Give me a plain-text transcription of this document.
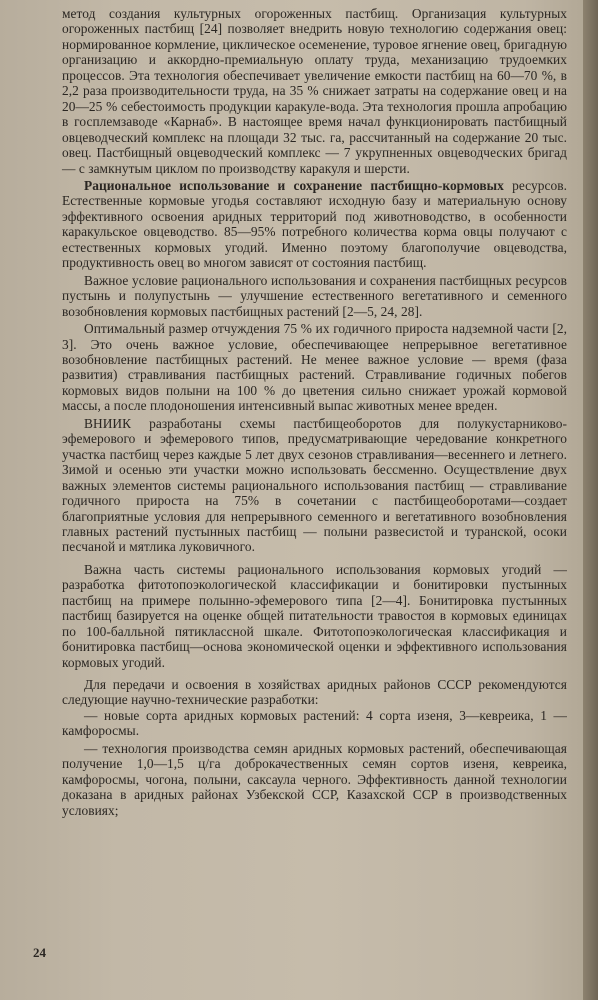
метод создания культурных огороженных пастбищ. Организация культурных огороженных пастбищ [24] позволяет внедрить новую технологию содержания овец: нормированное кормление, циклическое осеменение, туровое ягнение овец, бригадную организацию и аккордно-премиальную оплату труда, механизацию трудоемких процессов. Эта технология обеспечивает увеличение емкости пастбищ на 60—70 %, в 2,2 раза производительности труда, на 35 % снижает затраты на содержание овец и на 20—25 % себестоимость продукции каракуле-вода. Эта технология прошла апробацию в госплемзаводе «Карнаб». В настоящее время начал функционировать пастбищный овцеводческий комплекс на площади 32 тыс. га, рассчитанный на содержание 20 тыс. овец. Пастбищный овцеводческий комплекс — 7 укрупненных овцеводческих бригад — с замкнутым циклом по производству каракуля и шерсти.

Рациональное использование и сохранение пастбищно-кормовых ресурсов. Естественные кормовые угодья составляют исходную базу и материальную основу эффективного освоения аридных территорий под животноводство, в особенности каракульское овцеводство. 85—95% потребного количества корма овцы получают с естественных кормовых угодий. Именно поэтому благополучие овцеводства, продуктивность овец во многом зависят от состояния пастбищ.

Важное условие рационального использования и сохранения пастбищных ресурсов пустынь и полупустынь — улучшение естественного вегетативного и семенного возобновления кормовых пастбищных растений [2—5, 24, 28].

Оптимальный размер отчуждения 75 % их годичного прироста надземной части [2, 3]. Это очень важное условие, обеспечивающее непрерывное вегетативное возобновление пастбищных растений. Не менее важное условие — время (фаза развития) стравливания пастбищных растений. Стравливание годичных побегов кормовых видов полыни на 100 % до цветения сильно снижает урожай кормовой массы, а после плодоношения интенсивный выпас животных менее вреден.

ВНИИК разработаны схемы пастбищеоборотов для полукустарниково-эфемерового и эфемерового типов, предусматривающие чередование конкретного участка пастбищ через каждые 5 лет двух сезонов стравливания—весеннего и летнего. Зимой и осенью эти участки можно использовать бессменно. Осуществление двух важных элементов системы рационального использования пастбищ — стравливание годичного прироста на 75% в сочетании с пастбищеоборотами—создает благоприятные условия для непрерывного семенного и вегетативного возобновления главных растений пустынных пастбищ — полыни развесистой и туранской, осоки песчаной и мятлика луковичного.

Важна часть системы рационального использования кормовых угодий —разработка фитотопоэкологической классификации и бонитировки пустынных пастбищ на примере полынно-эфемерового типа [2—4]. Бонитировка пустынных пастбищ базируется на оценке общей питательности травостоя в кормовых единицах по 100-балльной пятиклассной шкале. Фитотопоэкологическая классификация и бонитировка пастбищ—основа экономической оценки и эффективного использования кормовых угодий.

Для передачи и освоения в хозяйствах аридных районов СССР рекомендуются следующие научно-технические разработки:

— новые сорта аридных кормовых растений: 4 сорта изеня, 3—кевреика, 1 — камфоросмы.

— технология производства семян аридных кормовых растений, обеспечивающая получение 1,0—1,5 ц/га доброкачественных семян сортов изеня, кевреика, камфоросмы, чогона, полыни, саксаула черного. Эффективность данной технологии доказана в аридных районах Узбекской ССР, Казахской ССР в производственных условиях;

24
